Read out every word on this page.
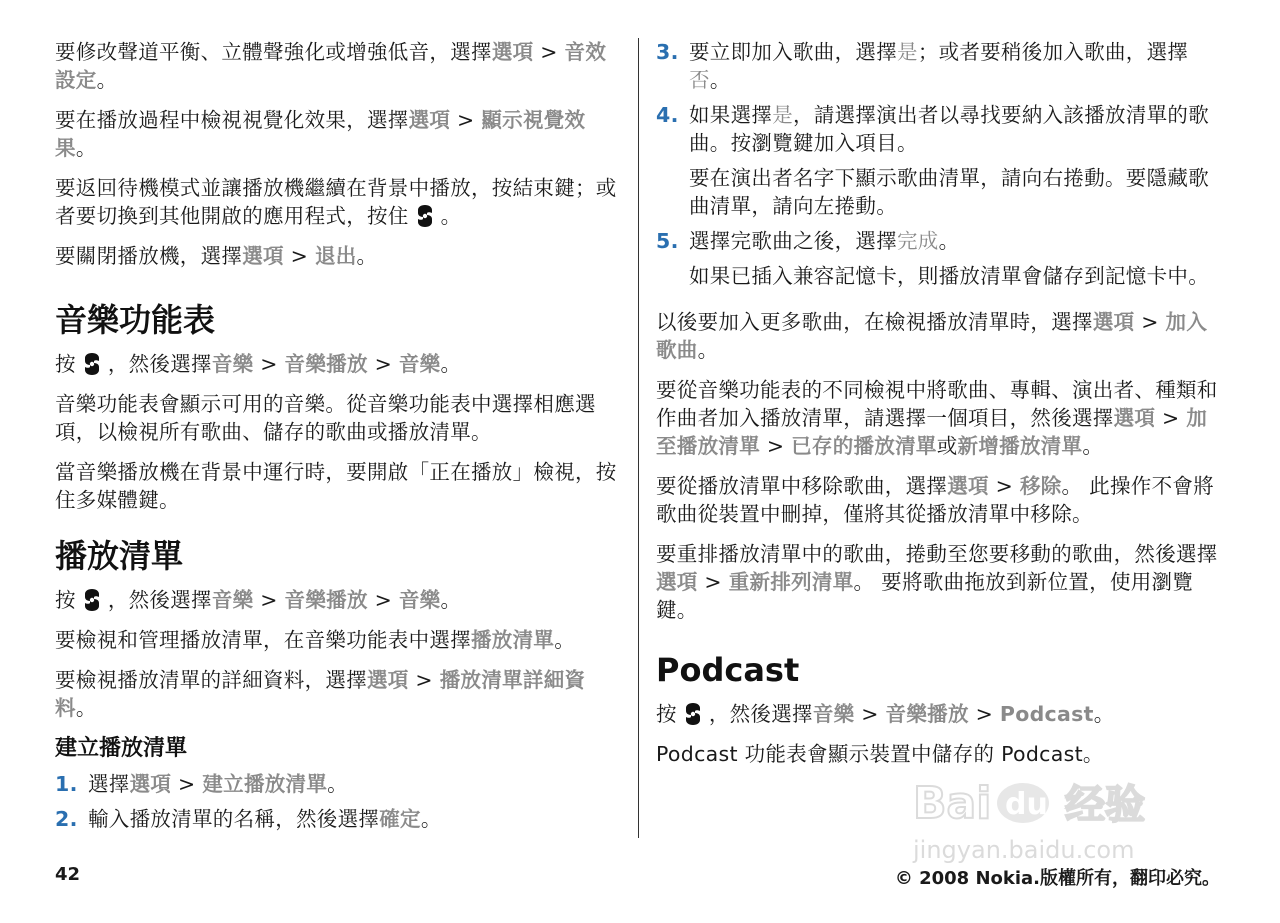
要修改聲道平衡、立體聲強化或增強低音，選擇選項 > 音效設定。

要在播放過程中檢視視覺化效果，選擇選項 > 顯示視覺效果。

要返回待機模式並讓播放機繼續在背景中播放，按結束鍵；或者要切換到其他開啟的應用程式，按住 。

要關閉播放機，選擇選項 > 退出。

音樂功能表

按 ，然後選擇音樂 > 音樂播放 > 音樂。

音樂功能表會顯示可用的音樂。從音樂功能表中選擇相應選項，以檢視所有歌曲、儲存的歌曲或播放清單。

當音樂播放機在背景中運行時，要開啟「正在播放」檢視，按住多媒體鍵。

播放清單

按 ，然後選擇音樂 > 音樂播放 > 音樂。

要檢視和管理播放清單，在音樂功能表中選擇播放清單。

要檢視播放清單的詳細資料，選擇選項 > 播放清單詳細資料。

建立播放清單
1. 選擇選項 > 建立播放清單。
2. 輸入播放清單的名稱，然後選擇確定。
3. 要立即加入歌曲，選擇是；或者要稍後加入歌曲，選擇否。
4. 如果選擇是，請選擇演出者以尋找要納入該播放清單的歌曲。按瀏覽鍵加入項目。
要在演出者名字下顯示歌曲清單，請向右捲動。要隱藏歌曲清單，請向左捲動。
5. 選擇完歌曲之後，選擇完成。
如果已插入兼容記憶卡，則播放清單會儲存到記憶卡中。

以後要加入更多歌曲，在檢視播放清單時，選擇選項 > 加入歌曲。

要從音樂功能表的不同檢視中將歌曲、專輯、演出者、種類和作曲者加入播放清單，請選擇一個項目，然後選擇選項 > 加至播放清單 > 已存的播放清單或新增播放清單。

要從播放清單中移除歌曲，選擇選項 > 移除。 此操作不會將歌曲從裝置中刪掉，僅將其從播放清單中移除。

要重排播放清單中的歌曲，捲動至您要移動的歌曲，然後選擇選項 > 重新排列清單。 要將歌曲拖放到新位置，使用瀏覽鍵。

Podcast

按 ，然後選擇音樂 > 音樂播放 > Podcast。

Podcast 功能表會顯示裝置中儲存的 Podcast。

Bai du 经验
jingyan.baidu.com
42	© 2008 Nokia.版權所有，翻印必究。
